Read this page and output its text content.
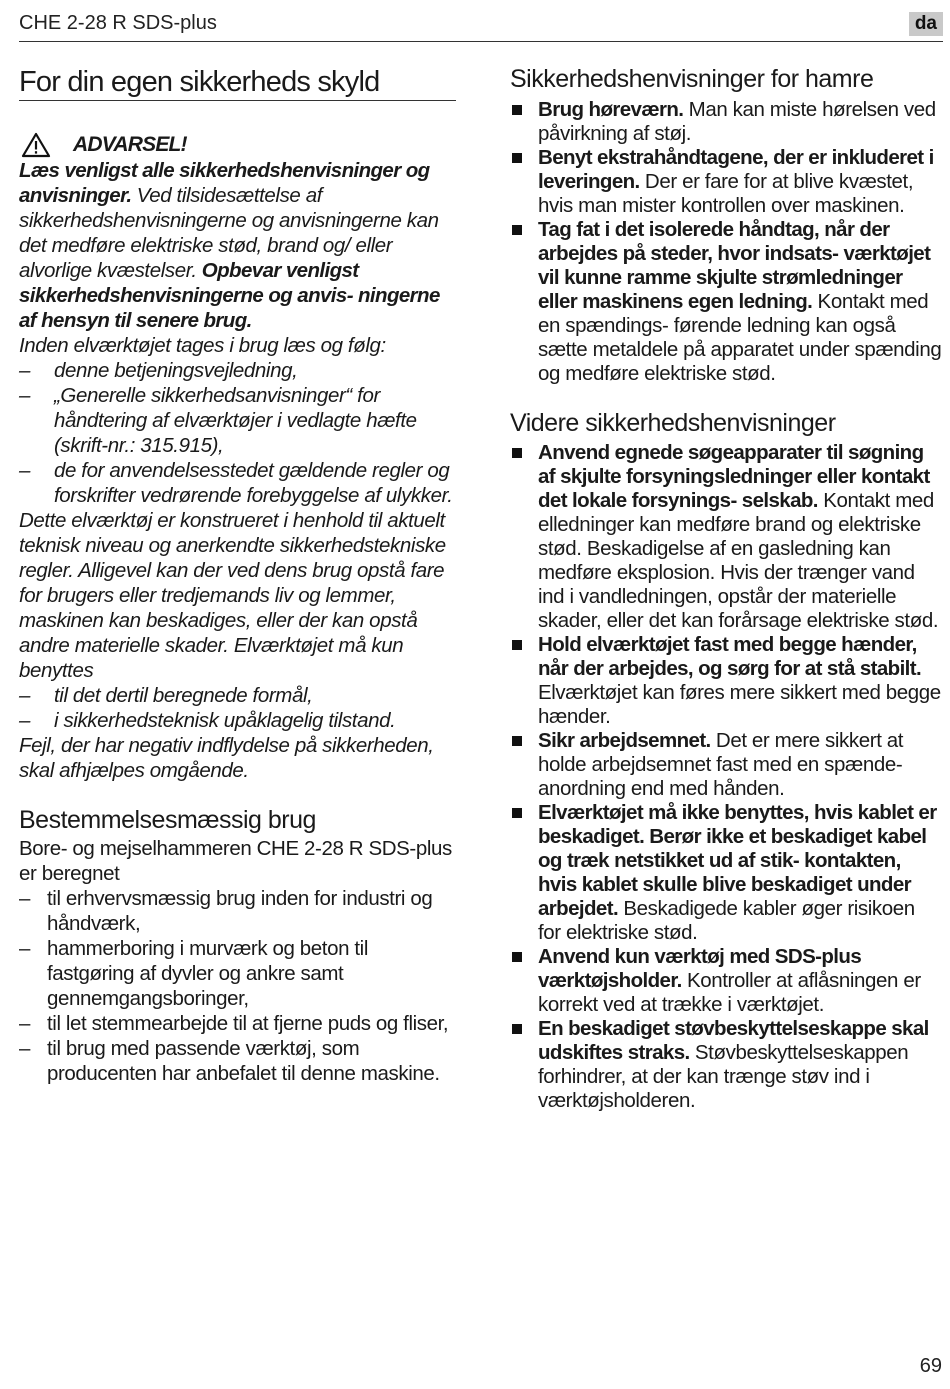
CHE 2-28 R SDS-plus	da
For din egen sikkerheds skyld
ADVARSEL!

Læs venligst alle sikkerhedshenvisninger og anvisninger. Ved tilsidesættelse af sikkerhedshenvisningerne og anvisningerne kan det medføre elektriske stød, brand og/ eller alvorlige kvæstelser. Opbevar venligst sikkerhedshenvisningerne og anvis- ningerne af hensyn til senere brug.

Inden elværktøjet tages i brug læs og følg:

– denne betjeningsvejledning,
– „Generelle sikkerhedsanvisninger“ for håndtering af elværktøjer i vedlagte hæfte (skrift-nr.: 315.915),
– de for anvendelsesstedet gældende regler og forskrifter vedrørende forebyggelse af ulykker.

Dette elværktøj er konstrueret i henhold til aktuelt teknisk niveau og anerkendte sikkerhedstekniske regler. Alligevel kan der ved dens brug opstå fare for brugers eller tredjemands liv og lemmer, maskinen kan beskadiges, eller der kan opstå andre materielle skader. Elværktøjet må kun benyttes

– til det dertil beregnede formål,
– i sikkerhedsteknisk upåklagelig tilstand.

Fejl, der har negativ indflydelse på sikkerheden, skal afhjælpes omgående.

Bestemmelsesmæssig brug

Bore- og mejselhammeren CHE 2-28 R SDS-plus er beregnet

– til erhvervsmæssig brug inden for industri og håndværk,
– hammerboring i murværk og beton til fastgøring af dyvler og ankre samt gennemgangsboringer,
– til let stemmearbejde til at fjerne puds og fliser,
– til brug med passende værktøj, som producenten har anbefalet til denne maskine.
Sikkerhedshenvisninger for hamre
Brug høreværn. Man kan miste hørelsen ved påvirkning af støj.
Benyt ekstrahåndtagene, der er inkluderet i leveringen. Der er fare for at blive kvæstet, hvis man mister kontrollen over maskinen.
Tag fat i det isolerede håndtag, når der arbejdes på steder, hvor indsats- værktøjet vil kunne ramme skjulte strømledninger eller maskinens egen ledning. Kontakt med en spændings- førende ledning kan også sætte metaldele på apparatet under spænding og medføre elektriske stød.
Videre sikkerhedshenvisninger
Anvend egnede søgeapparater til søgning af skjulte forsyningsledninger eller kontakt det lokale forsynings- selskab. Kontakt med elledninger kan medføre brand og elektriske stød. Beskadigelse af en gasledning kan medføre eksplosion. Hvis der trænger vand ind i vandledningen, opstår der materielle skader, eller det kan forårsage elektriske stød.
Hold elværktøjet fast med begge hænder, når der arbejdes, og sørg for at stå stabilt. Elværktøjet kan føres mere sikkert med begge hænder.
Sikr arbejdsemnet. Det er mere sikkert at holde arbejdsemnet fast med en spænde- anordning end med hånden.
Elværktøjet må ikke benyttes, hvis kablet er beskadiget. Berør ikke et beskadiget kabel og træk netstikket ud af stik- kontakten, hvis kablet skulle blive beskadiget under arbejdet. Beskadigede kabler øger risikoen for elektriske stød.
Anvend kun værktøj med SDS-plus værktøjsholder. Kontroller at aflåsningen er korrekt ved at trække i værktøjet.
En beskadiget støvbeskyttelseskappe skal udskiftes straks. Støvbeskyttelseskappen forhindrer, at der kan trænge støv ind i værktøjsholderen.
69
